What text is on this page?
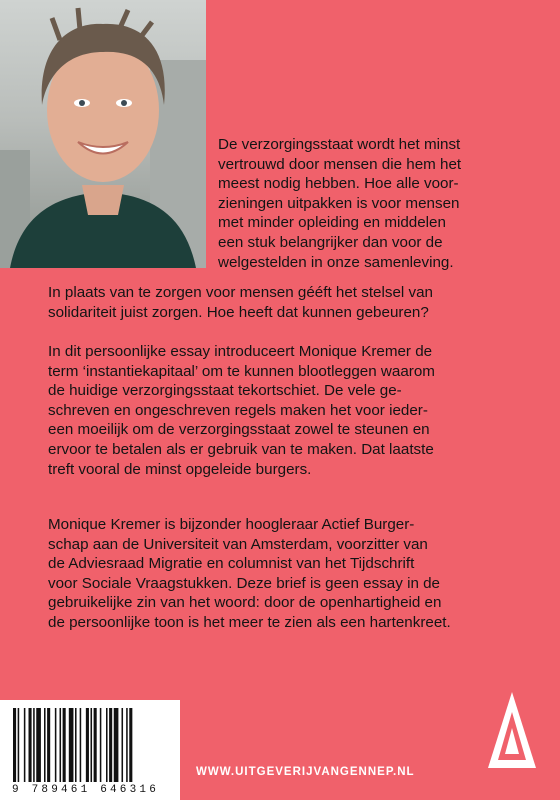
De verzorgingsstaat wordt het minst
vertrouwd door mensen die hem het
meest nodig hebben. Hoe alle voor-
zieningen uitpakken is voor mensen
met minder opleiding en middelen
een stuk belangrijker dan voor de
welgestelden in onze samenleving.
In plaats van te zorgen voor mensen gééft het stelsel van
solidariteit juist zorgen. Hoe heeft dat kunnen gebeuren?
In dit persoonlijke essay introduceert Monique Kremer de
term ‘instantiekapitaal’ om te kunnen blootleggen waarom
de huidige verzorgingsstaat tekortschiet. De vele ge-
schreven en ongeschreven regels maken het voor ieder-
een moeilijk om de verzorgingsstaat zowel te steunen en
ervoor te betalen als er gebruik van te maken. Dat laatste
treft vooral de minst opgeleide burgers.
Monique Kremer is bijzonder hoogleraar Actief Burger-
schap aan de Universiteit van Amsterdam, voorzitter van
de Adviesraad Migratie en columnist van het Tijdschrift
voor Sociale Vraagstukken. Deze brief is geen essay in de
gebruikelijke zin van het woord: door de openhartigheid en
de persoonlijke toon is het meer te zien als een hartenkreet.
9 789461 646316
WWW.UITGEVERIJVANGENNEP.NL
